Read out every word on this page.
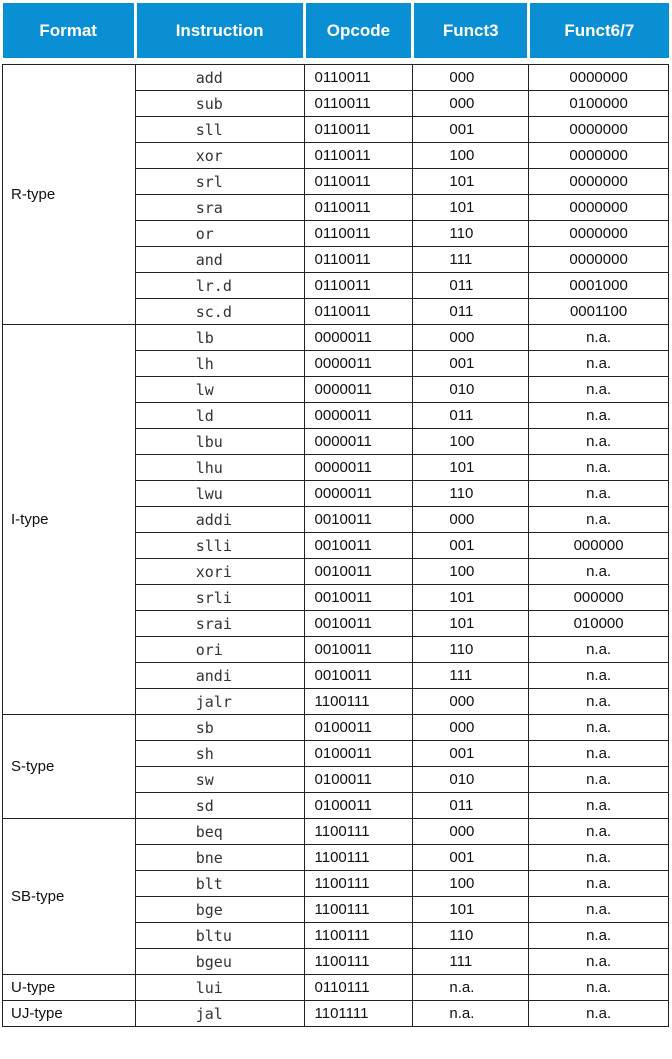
Format	Instruction	Opcode	Funct3	Funct6/7

R-type	add	0110011	000	0000000
	sub	0110011	000	0100000
	sll	0110011	001	0000000
	xor	0110011	100	0000000
	srl	0110011	101	0000000
	sra	0110011	101	0000000
	or	0110011	110	0000000
	and	0110011	111	0000000
	lr.d	0110011	011	0001000
	sc.d	0110011	011	0001100
I-type	lb	0000011	000	n.a.
	lh	0000011	001	n.a.
	lw	0000011	010	n.a.
	ld	0000011	011	n.a.
	lbu	0000011	100	n.a.
	lhu	0000011	101	n.a.
	lwu	0000011	110	n.a.
	addi	0010011	000	n.a.
	slli	0010011	001	000000
	xori	0010011	100	n.a.
	srli	0010011	101	000000
	srai	0010011	101	010000
	ori	0010011	110	n.a.
	andi	0010011	111	n.a.
	jalr	1100111	000	n.a.
S-type	sb	0100011	000	n.a.
	sh	0100011	001	n.a.
	sw	0100011	010	n.a.
	sd	0100011	011	n.a.
SB-type	beq	1100111	000	n.a.
	bne	1100111	001	n.a.
	blt	1100111	100	n.a.
	bge	1100111	101	n.a.
	bltu	1100111	110	n.a.
	bgeu	1100111	111	n.a.
U-type	lui	0110111	n.a.	n.a.
UJ-type	jal	1101111	n.a.	n.a.
